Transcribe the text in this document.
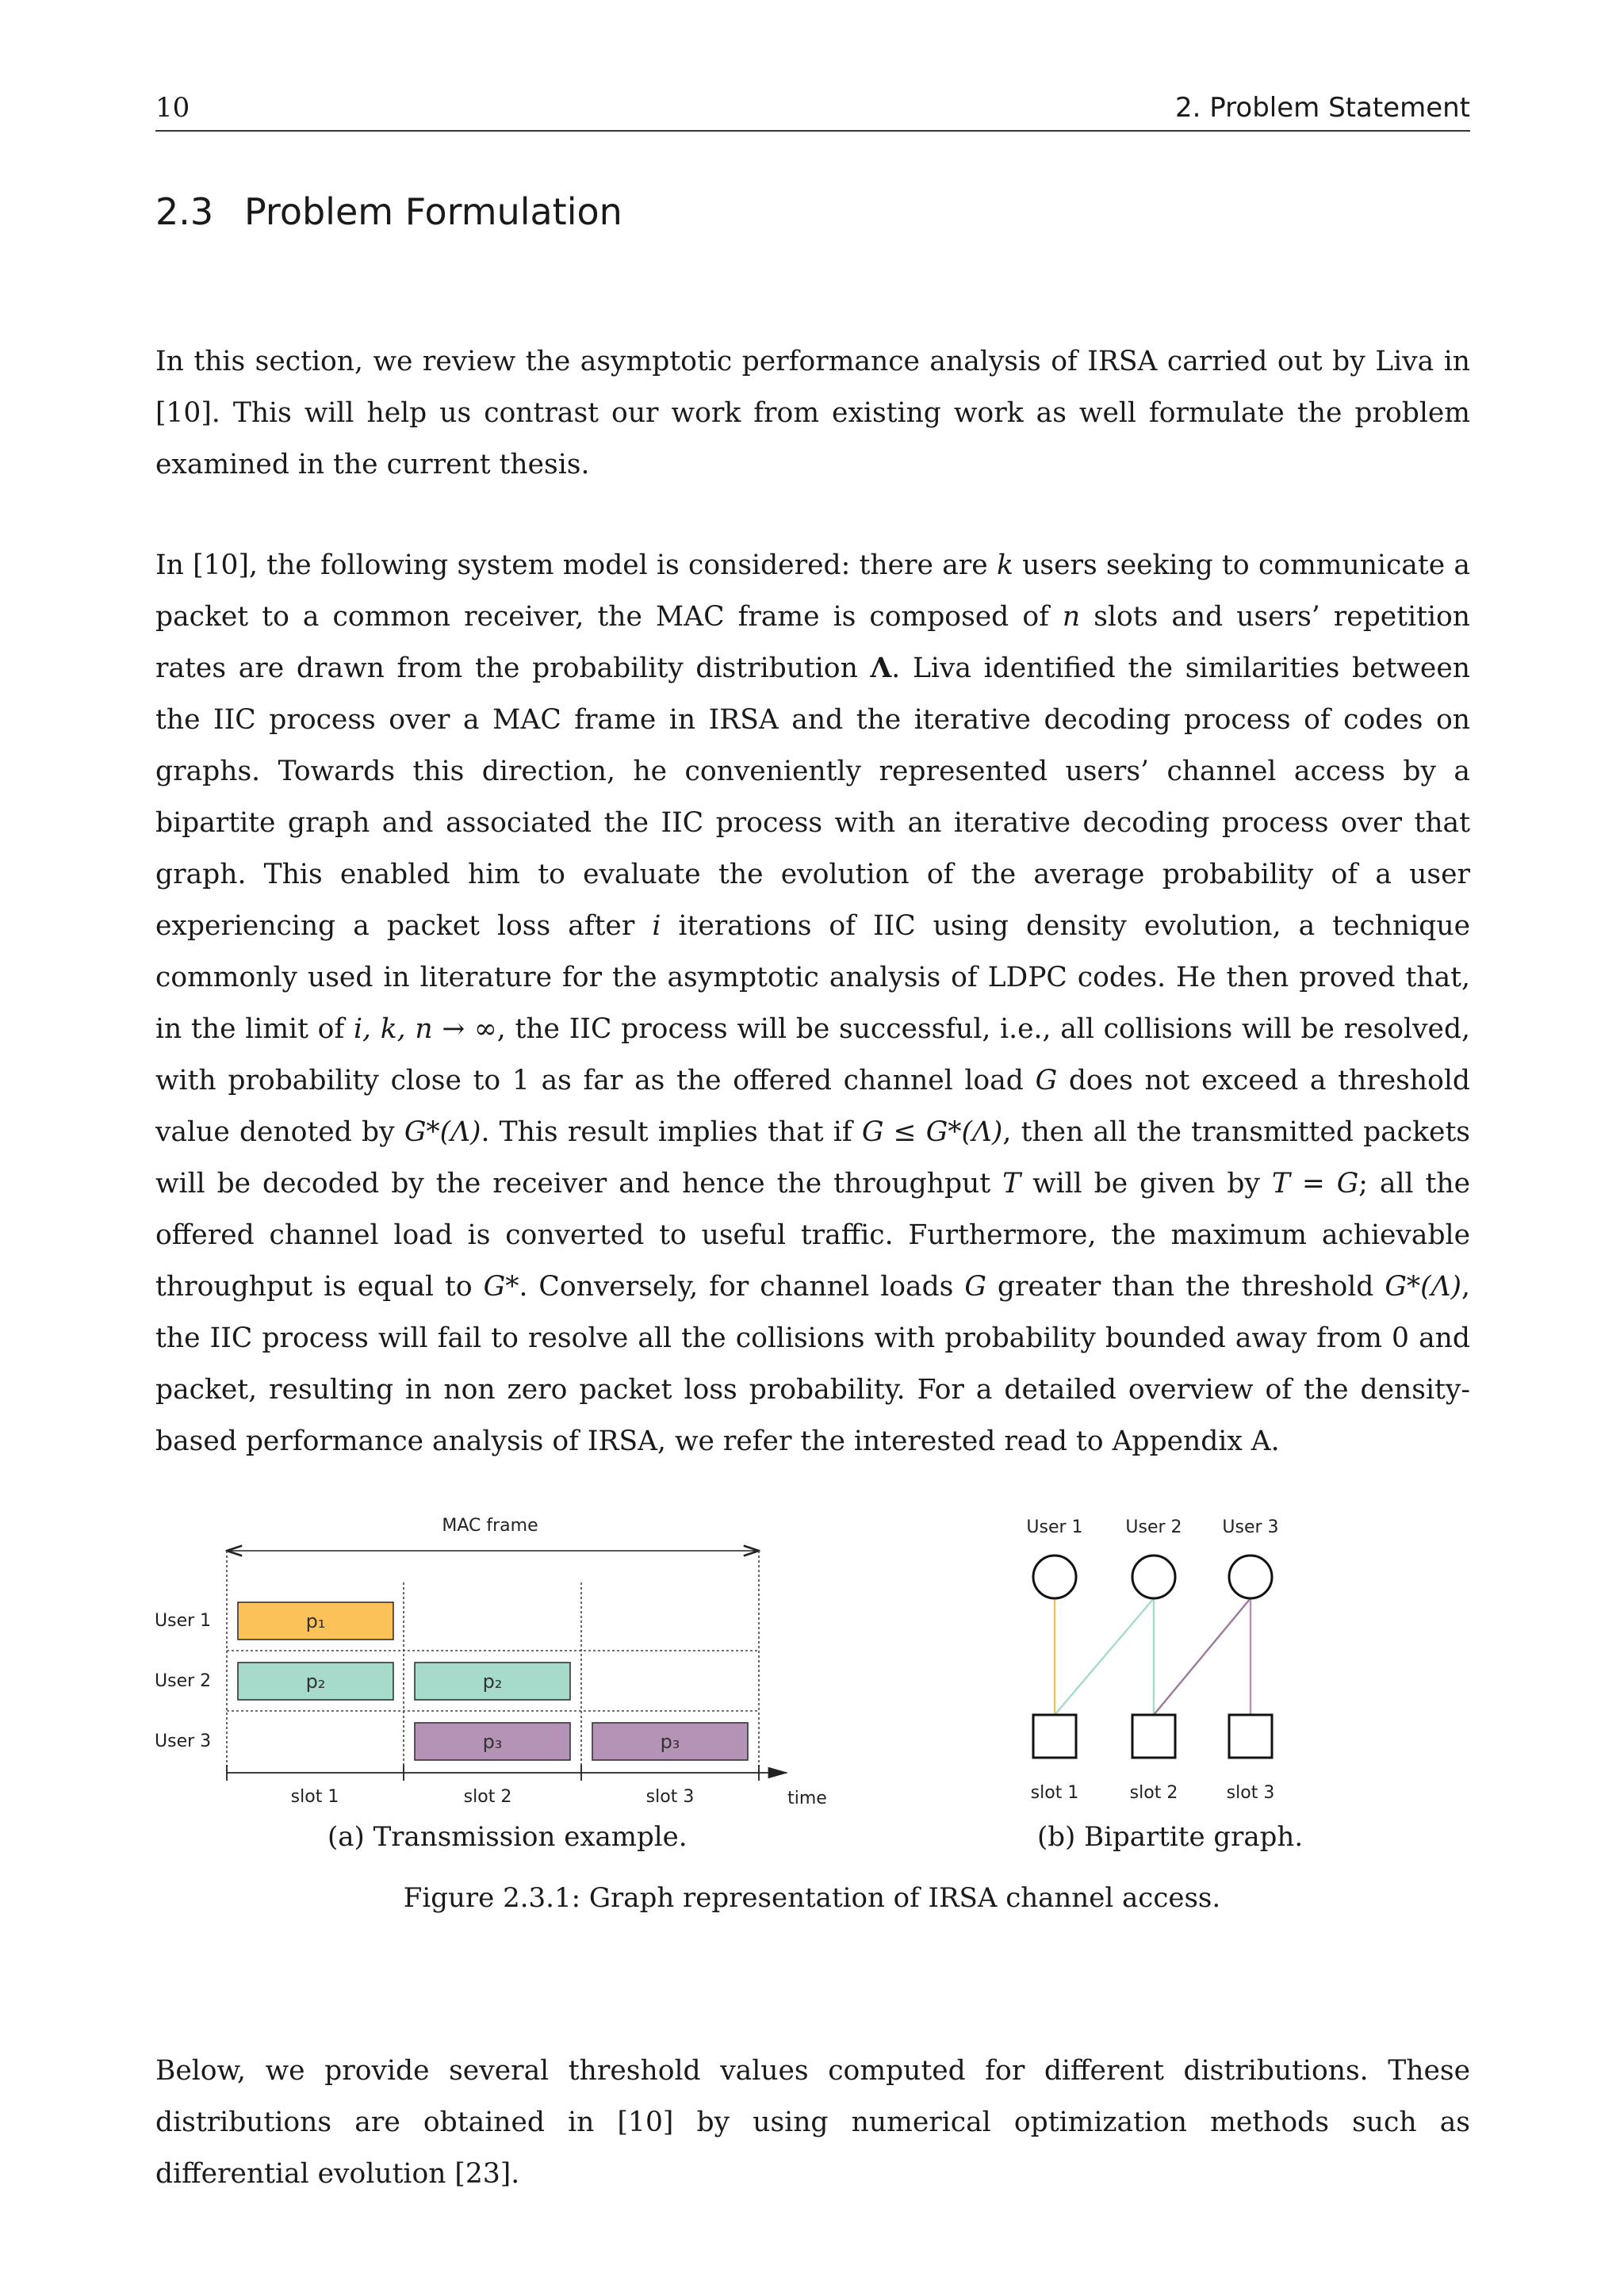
10	2. Problem Statement
2.3 Problem Formulation

In this section, we review the asymptotic performance analysis of IRSA carried out by Liva in [10]. This will help us contrast our work from existing work as well formulate the problem examined in the current thesis.

In [10], the following system model is considered: there are k users seeking to communicate a packet to a common receiver, the MAC frame is composed of n slots and users’ repetition rates are drawn from the probability distribution Λ. Liva identified the similarities between the IIC process over a MAC frame in IRSA and the iterative decoding process of codes on graphs. Towards this direction, he conveniently represented users’ channel access by a bipartite graph and associated the IIC process with an iterative decoding process over that graph. This enabled him to evaluate the evolution of the average probability of a user experiencing a packet loss after i iterations of IIC using density evolution, a technique commonly used in literature for the asymptotic analysis of LDPC codes. He then proved that, in the limit of i, k, n → ∞, the IIC process will be successful, i.e., all collisions will be resolved, with probability close to 1 as far as the offered channel load G does not exceed a threshold value denoted by G*(Λ). This result implies that if G ≤ G*(Λ), then all the transmitted packets will be decoded by the receiver and hence the throughput T will be given by T = G; all the offered channel load is converted to useful traffic. Furthermore, the maximum achievable throughput is equal to G*. Conversely, for channel loads G greater than the threshold G*(Λ), the IIC process will fail to resolve all the collisions with probability bounded away from 0 and packet, resulting in non zero packet loss probability. For a detailed overview of the density-based performance analysis of IRSA, we refer the interested read to Appendix A.

MAC frame
User 1
User 2
User 3
p₁
p₂	p₂
p₃	p₃
slot 1	slot 2	slot 3	time
User 1 User 2 User 3
slot 1	slot 2	slot 3
(a) Transmission example.	(b) Bipartite graph.
Figure 2.3.1: Graph representation of IRSA channel access.

Below, we provide several threshold values computed for different distributions. These distributions are obtained in [10] by using numerical optimization methods such as differential evolution [23].
